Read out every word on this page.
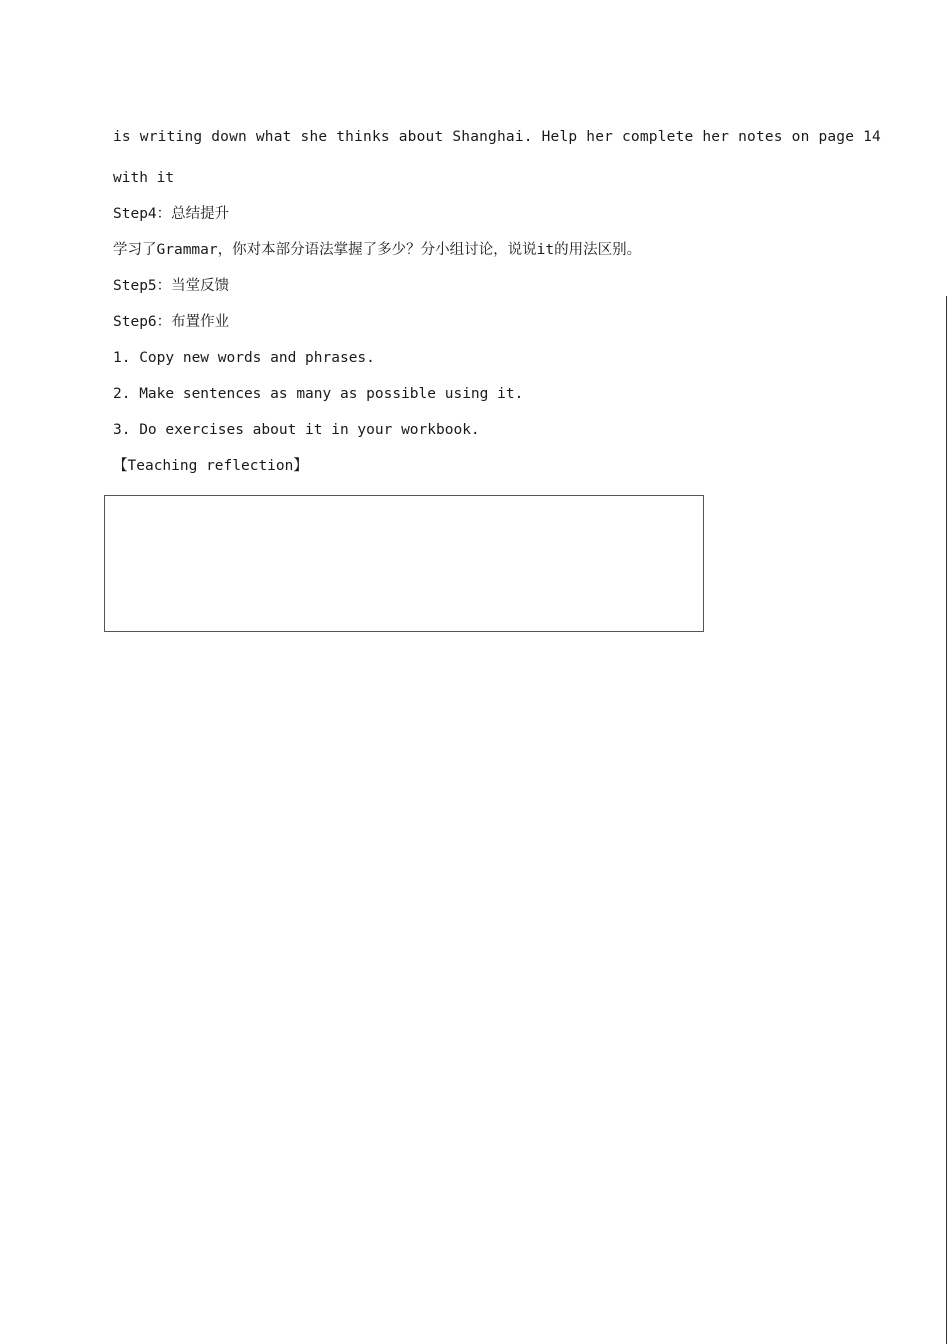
is writing down what she thinks about Shanghai. Help her complete her notes on page 14
with it
Step4：总结提升
学习了Grammar，你对本部分语法掌握了多少？分小组讨论，说说it的用法区别。
Step5：当堂反馈
Step6：布置作业
1. Copy new words and phrases.
2. Make sentences as many as possible using it.
3. Do exercises about it in your workbook.
【Teaching reflection】
